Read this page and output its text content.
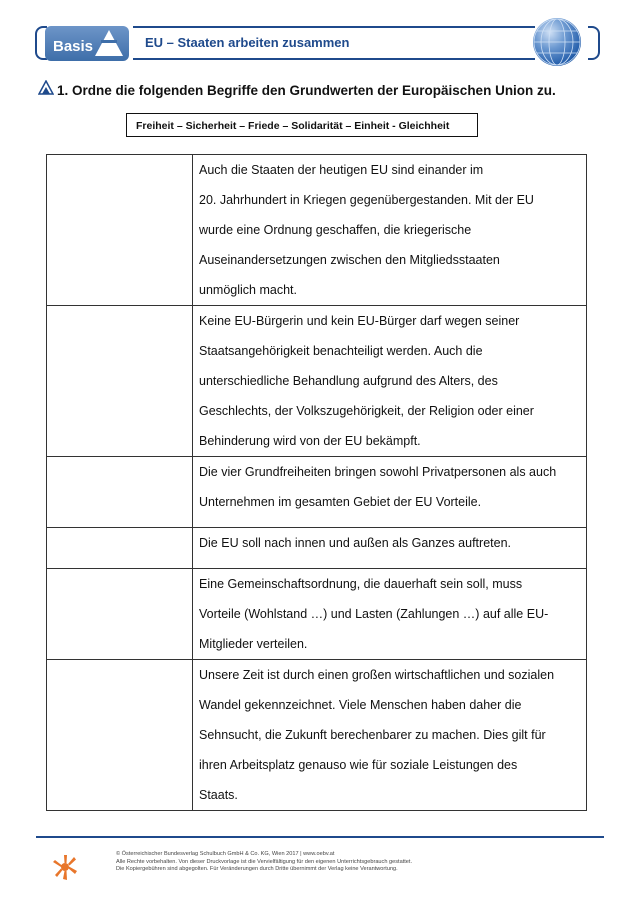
Basis	EU – Staaten arbeiten zusammen
1. Ordne die folgenden Begriffe den Grundwerten der Europäischen Union zu.
Freiheit – Sicherheit – Friede – Solidarität – Einheit - Gleichheit

	Auch die Staaten der heutigen EU sind einander im
20. Jahrhundert in Kriegen gegenübergestanden. Mit der EU
wurde eine Ordnung geschaffen, die kriegerische
Auseinandersetzungen zwischen den Mitgliedsstaaten
unmöglich macht.

	Keine EU-Bürgerin und kein EU-Bürger darf wegen seiner
Staatsangehörigkeit benachteiligt werden. Auch die
unterschiedliche Behandlung aufgrund des Alters, des
Geschlechts, der Volkszugehörigkeit, der Religion oder einer
Behinderung wird von der EU bekämpft.

	Die vier Grundfreiheiten bringen sowohl Privatpersonen als auch
Unternehmen im gesamten Gebiet der EU Vorteile.

	Die EU soll nach innen und außen als Ganzes auftreten.

	Eine Gemeinschaftsordnung, die dauerhaft sein soll, muss
Vorteile (Wohlstand …) und Lasten (Zahlungen …) auf alle EU-
Mitglieder verteilen.

	Unsere Zeit ist durch einen großen wirtschaftlichen und sozialen
Wandel gekennzeichnet. Viele Menschen haben daher die
Sehnsucht, die Zukunft berechenbarer zu machen. Dies gilt für
ihren Arbeitsplatz genauso wie für soziale Leistungen des
Staats.
© Österreichischer Bundesverlag Schulbuch GmbH & Co. KG, Wien 2017 | www.oebv.at
Alle Rechte vorbehalten. Von dieser Druckvorlage ist die Vervielfältigung für den eigenen Unterrichtsgebrauch gestattet.
Die Kopiergebühren sind abgegolten. Für Veränderungen durch Dritte übernimmt der Verlag keine Verantwortung.
